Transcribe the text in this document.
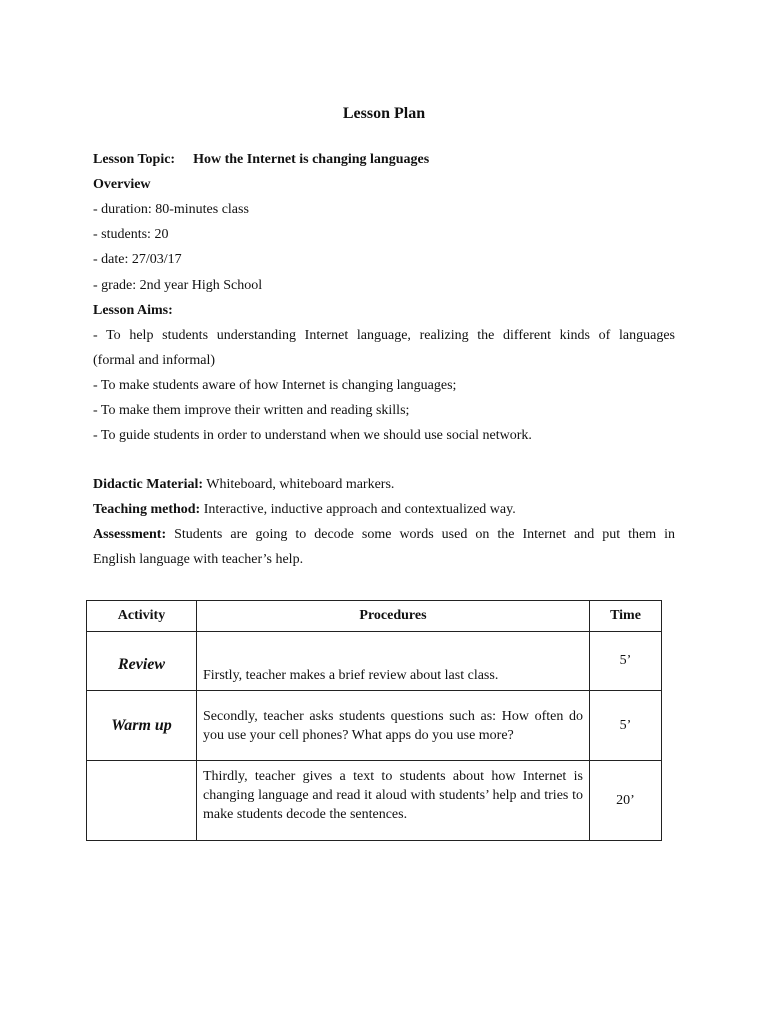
Lesson Plan
Lesson Topic: How the Internet is changing languages
Overview
- duration: 80-minutes class
- students: 20
- date: 27/03/17
- grade: 2nd year High School
Lesson Aims:
- To help students understanding Internet language, realizing the different kinds of languages
(formal and informal)
- To make students aware of how Internet is changing languages;
- To make them improve their written and reading skills;
- To guide students in order to understand when we should use social network.
Didactic Material: Whiteboard, whiteboard markers.
Teaching method: Interactive, inductive approach and contextualized way.
Assessment: Students are going to decode some words used on the Internet and put them in
English language with teacher’s help.
Activity	Procedures	Time
Review	Firstly, teacher makes a brief review about last class.	5’
Warm up	Secondly, teacher asks students questions such as: How often do you use your cell phones? What apps do you use more?	5’
	Thirdly, teacher gives a text to students about how Internet is changing language and read it aloud with students’ help and tries to make students decode the sentences.	20’
